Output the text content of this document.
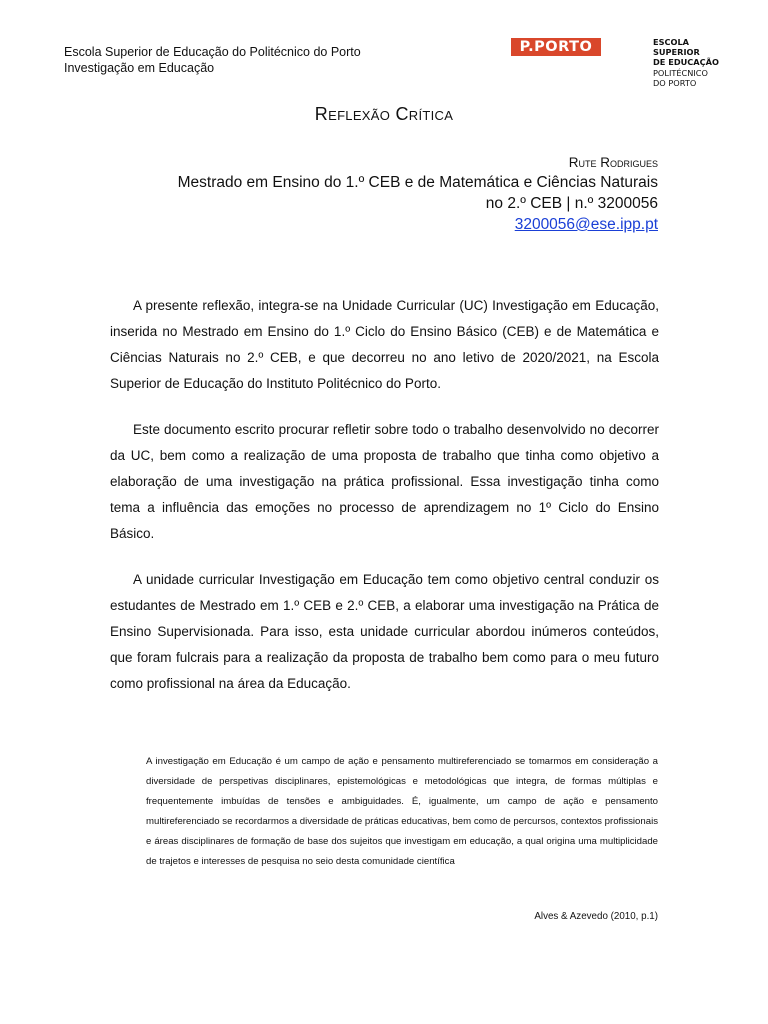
Escola Superior de Educação do Politécnico do Porto
Investigação em Educação
P.PORTO	ESCOLA
SUPERIOR
DE EDUCAÇÃO
POLITÉCNICO
DO PORTO
Reflexão Crítica
Rute Rodrigues
Mestrado em Ensino do 1.º CEB e de Matemática e Ciências Naturais
no 2.º CEB | n.º 3200056
3200056@ese.ipp.pt

A presente reflexão, integra-se na Unidade Curricular (UC) Investigação em Educação, inserida no Mestrado em Ensino do 1.º Ciclo do Ensino Básico (CEB) e de Matemática e Ciências Naturais no 2.º CEB, e que decorreu no ano letivo de 2020/2021, na Escola Superior de Educação do Instituto Politécnico do Porto.

Este documento escrito procurar refletir sobre todo o trabalho desenvolvido no decorrer da UC, bem como a realização de uma proposta de trabalho que tinha como objetivo a elaboração de uma investigação na prática profissional. Essa investigação tinha como tema a influência das emoções no processo de aprendizagem no 1º Ciclo do Ensino Básico.

A unidade curricular Investigação em Educação tem como objetivo central conduzir os estudantes de Mestrado em 1.º CEB e 2.º CEB, a elaborar uma investigação na Prática de Ensino Supervisionada. Para isso, esta unidade curricular abordou inúmeros conteúdos, que foram fulcrais para a realização da proposta de trabalho bem como para o meu futuro como profissional na área da Educação.

A investigação em Educação é um campo de ação e pensamento multireferenciado se tomarmos em consideração a diversidade de perspetivas disciplinares, epistemológicas e metodológicas que integra, de formas múltiplas e frequentemente imbuídas de tensões e ambiguidades. É, igualmente, um campo de ação e pensamento multireferenciado se recordarmos a diversidade de práticas educativas, bem como de percursos, contextos profissionais e áreas disciplinares de formação de base dos sujeitos que investigam em educação, a qual origina uma multiplicidade de trajetos e interesses de pesquisa no seio desta comunidade científica

Alves & Azevedo (2010, p.1)
